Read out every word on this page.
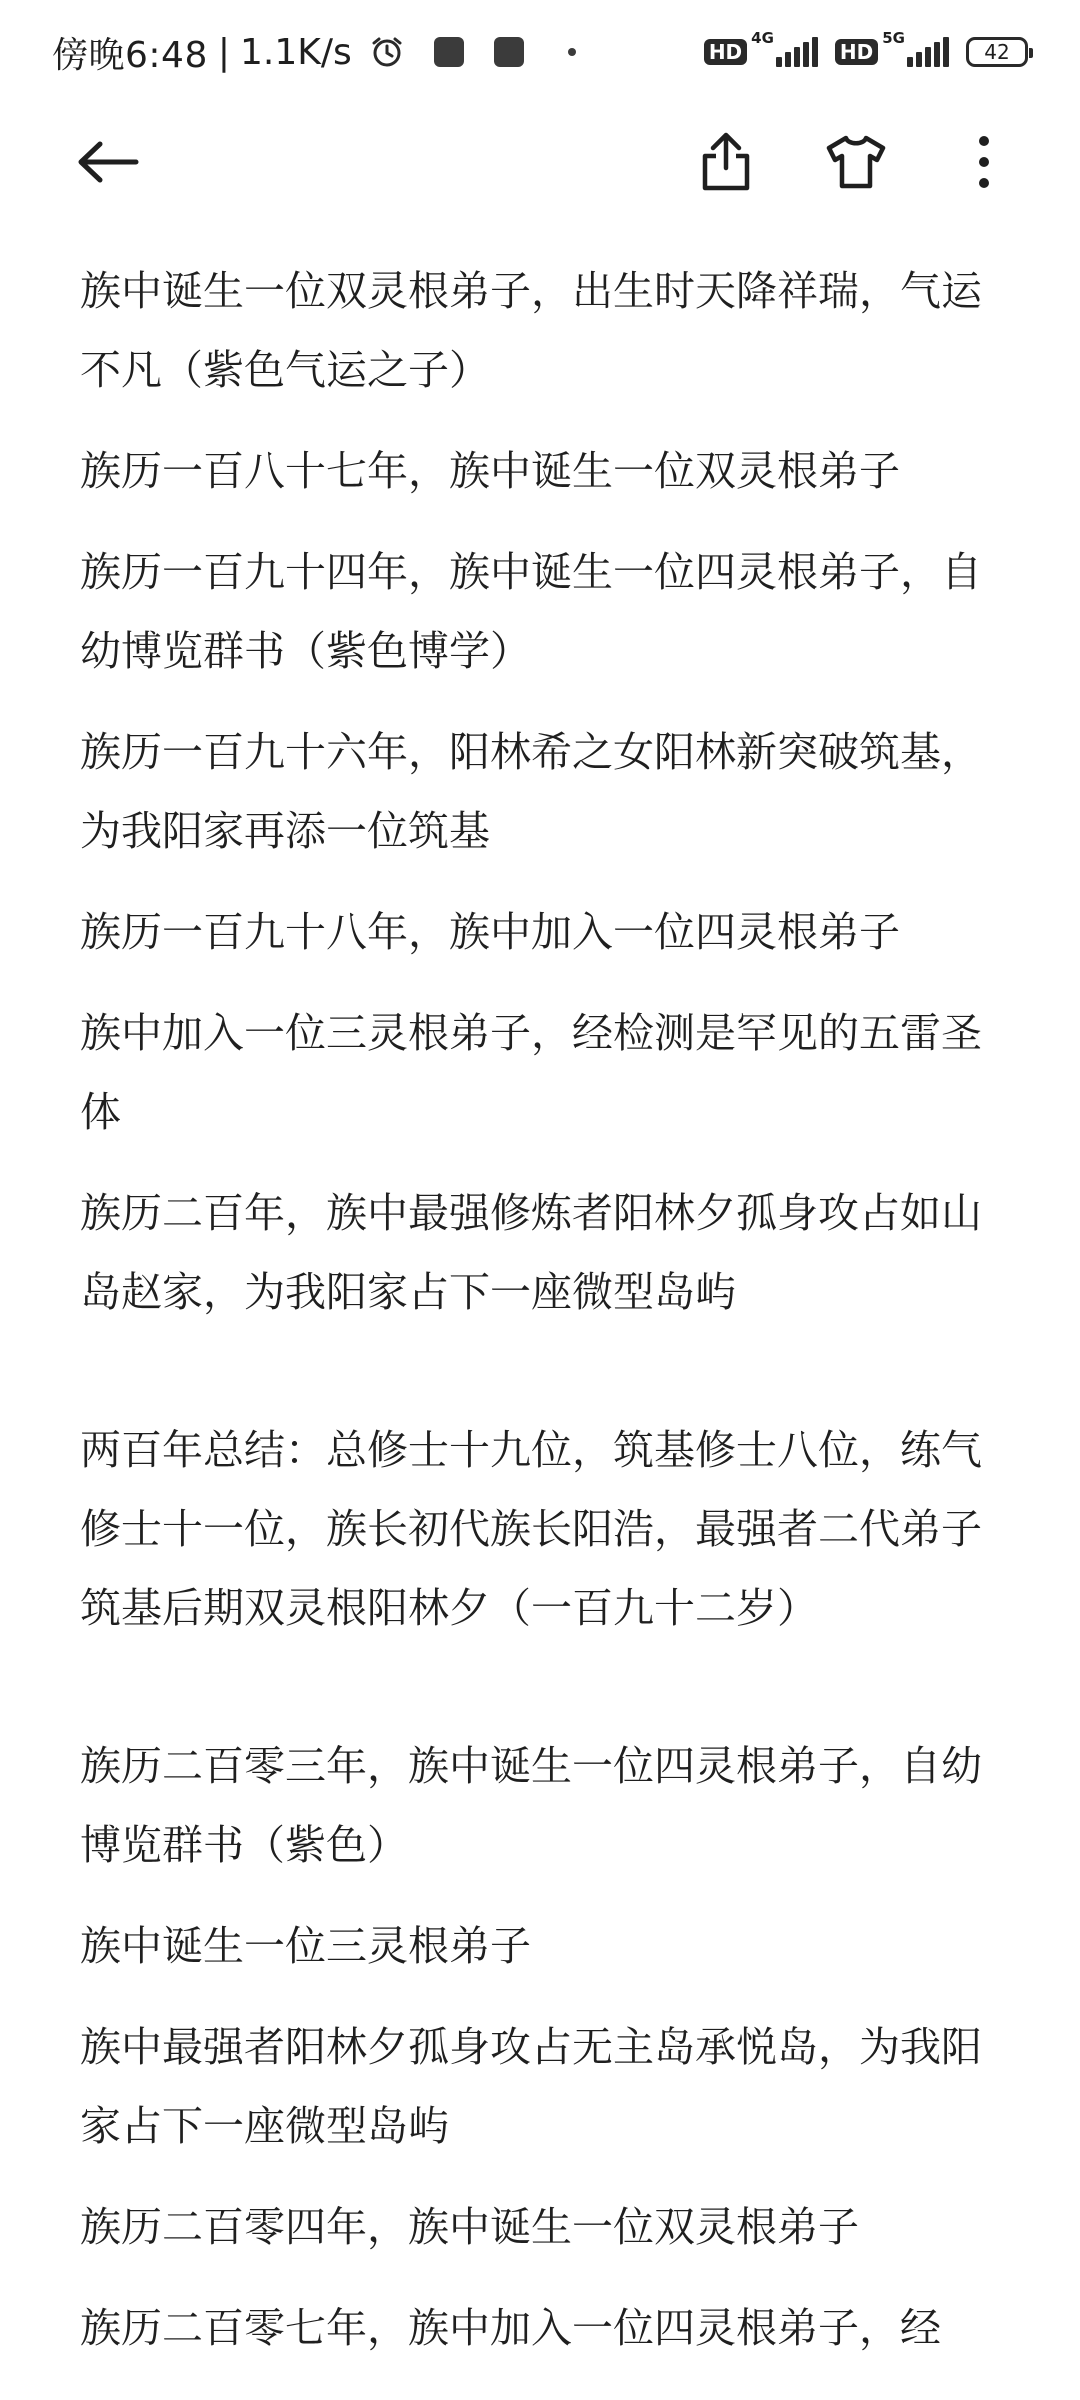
傍晚6:48 | 1.1K/s	HD
4G
HD
5G
42

族中诞生一位双灵根弟子，出生时天降祥瑞，气运不凡（紫色气运之子）

族历一百八十七年，族中诞生一位双灵根弟子

族历一百九十四年，族中诞生一位四灵根弟子，自幼博览群书（紫色博学）

族历一百九十六年，阳林希之女阳林新突破筑基，为我阳家再添一位筑基

族历一百九十八年，族中加入一位四灵根弟子

族中加入一位三灵根弟子，经检测是罕见的五雷圣体

族历二百年，族中最强修炼者阳林夕孤身攻占如山岛赵家，为我阳家占下一座微型岛屿

两百年总结：总修士十九位，筑基修士八位，练气修士十一位，族长初代族长阳浩，最强者二代弟子筑基后期双灵根阳林夕（一百九十二岁）

族历二百零三年，族中诞生一位四灵根弟子，自幼博览群书（紫色）

族中诞生一位三灵根弟子

族中最强者阳林夕孤身攻占无主岛承悦岛，为我阳家占下一座微型岛屿

族历二百零四年，族中诞生一位双灵根弟子

族历二百零七年，族中加入一位四灵根弟子，经
